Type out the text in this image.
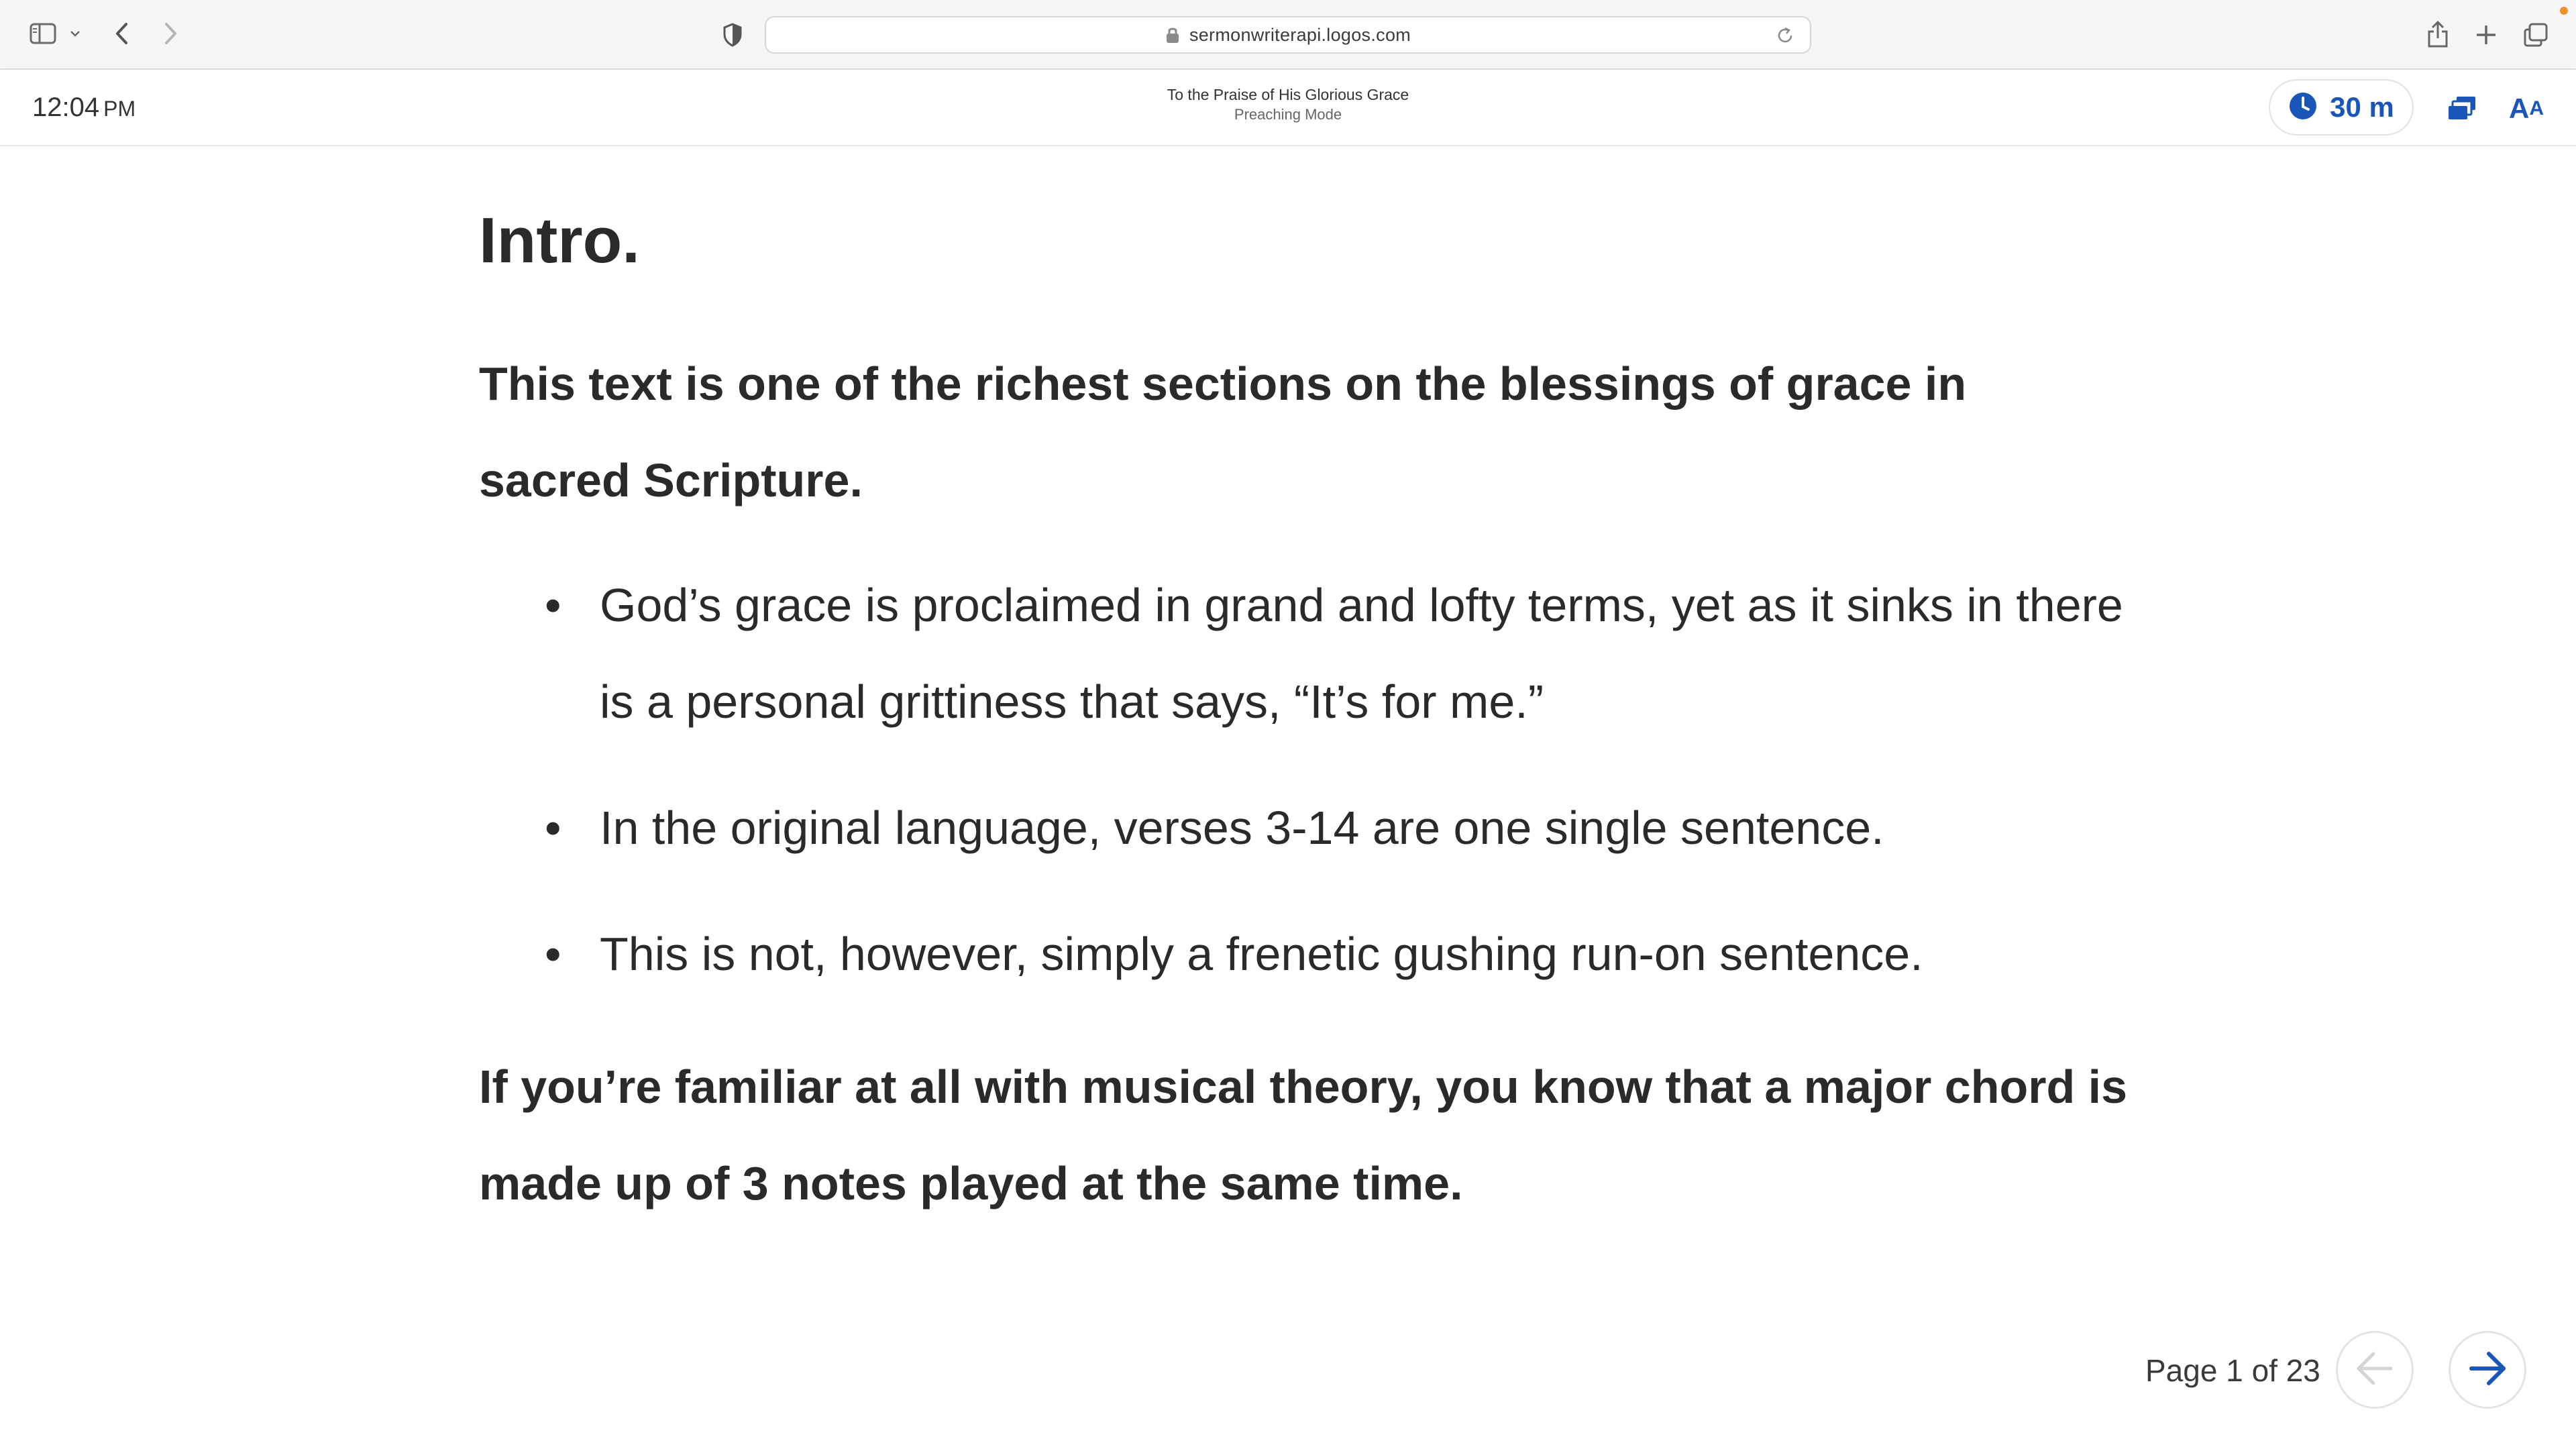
sermonwriterapi.logos.com
12:04 PM
To the Praise of His Glorious Grace
Preaching Mode	30 m	A A
Intro.

This text is one of the richest sections on the blessings of grace in sacred Scripture.

• God’s grace is proclaimed in grand and lofty terms, yet as it sinks in there is a personal grittiness that says, “It’s for me.”
• In the original language, verses 3-14 are one single sentence.
• This is not, however, simply a frenetic gushing run-on sentence.

If you’re familiar at all with musical theory, you know that a major chord is made up of 3 notes played at the same time.

Page 1 of 23
